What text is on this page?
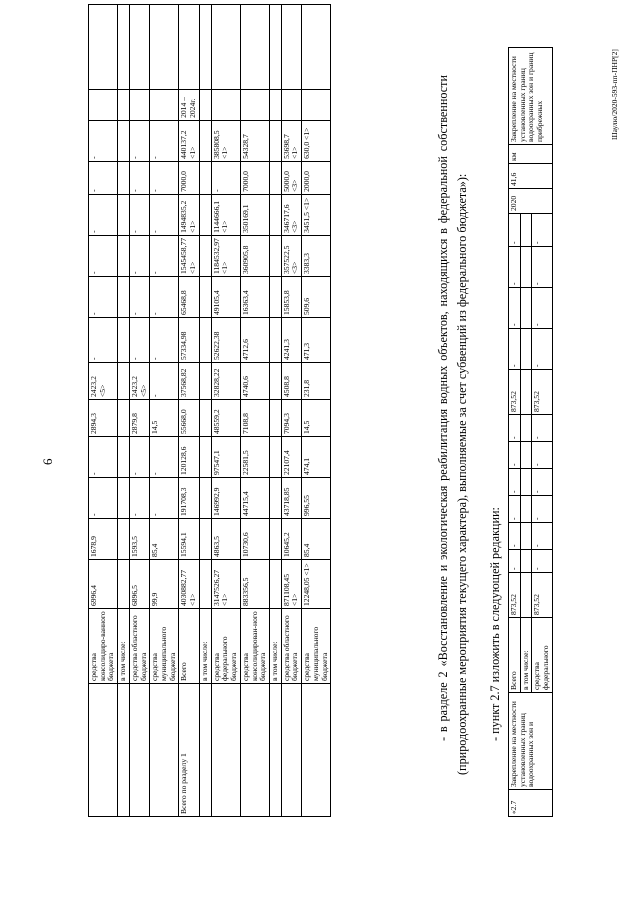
6
	средства консолидиро-ванного бюджета	6996,4	1678,9	-	-	2894,3	2423,2 <5>	-	-	-	-	-	-		
	в том числе:														
	средства областного бюджета	6896,5	1593,5	-	-	2879,8	2423,2 <5>	-	-	-	-	-	-		
	средства муниципального бюджета	99,9	85,4	-	-	14,5	-	-	-	-	-	-	-		
Всего по разделу 1	Всего	4030882,77 <1>	15594,1	191708,3	120128,6	55668,0	37568,82	57334,98	65468,8	1545458,77 <1>	1494835,2 <1>	7000,0	440137,2 <1>	2014 – 2024г.	
	в том числе:														
	средства федерального бюджета	3147526,27 <1>	4863,5	146992,9	97547,1	48559,2	32828,22	52622,38	49105,4	1184532,97 <1>	1144666,1 <1>	-	385808,5 <1>		
	средства консолидирован-ного бюджета	883356,5	10730,6	44715,4	22581,5	7108,8	4740,6	4712,6	16363,4	360905,8	350169,1	7000,0	54328,7		
	в том числе:														
	средства областного бюджета	871108,45 <1>	10645,2	43718,85	22107,4	7094,3	4508,8	4241,3	15853,8	357522,5 <3>	346717,6 <3>	5000,0 <3>	53698,7 <1>		
	средства муниципального бюджета	12248,05 <1>	85,4	996,55	474,1	14,5	231,8	471,3	509,6	3383,3	3451,5 <1>	2000,0	630,0 <1>			- в разделе 2 «Восстановление и экологическая реабилитация водных объектов, находящихся в федеральной собственности (природоохранные мероприятия текущего характера), выполняемые за счет субвенций из федерального бюджета»): - пункт 2.7 изложить в следующей редакции:
«2.7	Закрепление на местности установленных границ водоохранных зон и	Всего	873,52	-	-	-	-	-	-	873,52	-	-	-	-	2020	41,6	км	Закрепление на местности установленных границ водоохранных зон и границ прибрежных
		в том числе:																
		средства федерального	873,52	-	-	-	-	-	-	873,52	-	-	-	-				
Шаулю/2020-593-пп-ПНР[2]
